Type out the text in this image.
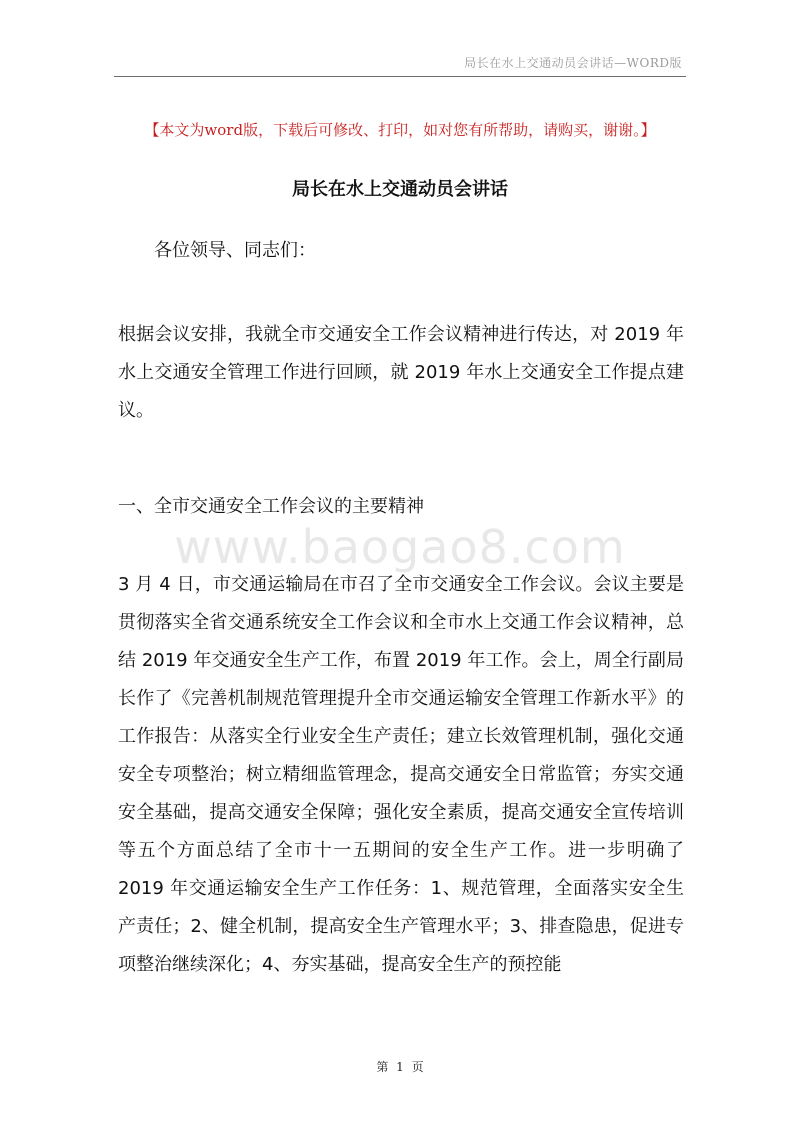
局长在水上交通动员会讲话—WORD版
【本文为word版，下载后可修改、打印，如对您有所帮助，请购买，谢谢。】
局长在水上交通动员会讲话
各位领导、同志们：
根据会议安排，我就全市交通安全工作会议精神进行传达，对 2019 年水上交通安全管理工作进行回顾，就 2019 年水上交通安全工作提点建议。
一、全市交通安全工作会议的主要精神
www.baogao8.com
3 月 4 日，市交通运输局在市召了全市交通安全工作会议。会议主要是贯彻落实全省交通系统安全工作会议和全市水上交通工作会议精神，总结 2019 年交通安全生产工作，布置 2019 年工作。会上，周全行副局长作了《完善机制规范管理提升全市交通运输安全管理工作新水平》的工作报告：从落实全行业安全生产责任；建立长效管理机制，强化交通安全专项整治；树立精细监管理念，提高交通安全日常监管；夯实交通安全基础，提高交通安全保障；强化安全素质，提高交通安全宣传培训等五个方面总结了全市十一五期间的安全生产工作。进一步明确了 2019 年交通运输安全生产工作任务：1、规范管理，全面落实安全生产责任；2、健全机制，提高安全生产管理水平；3、排查隐患，促进专项整治继续深化；4、夯实基础，提高安全生产的预控能
第 1 页
